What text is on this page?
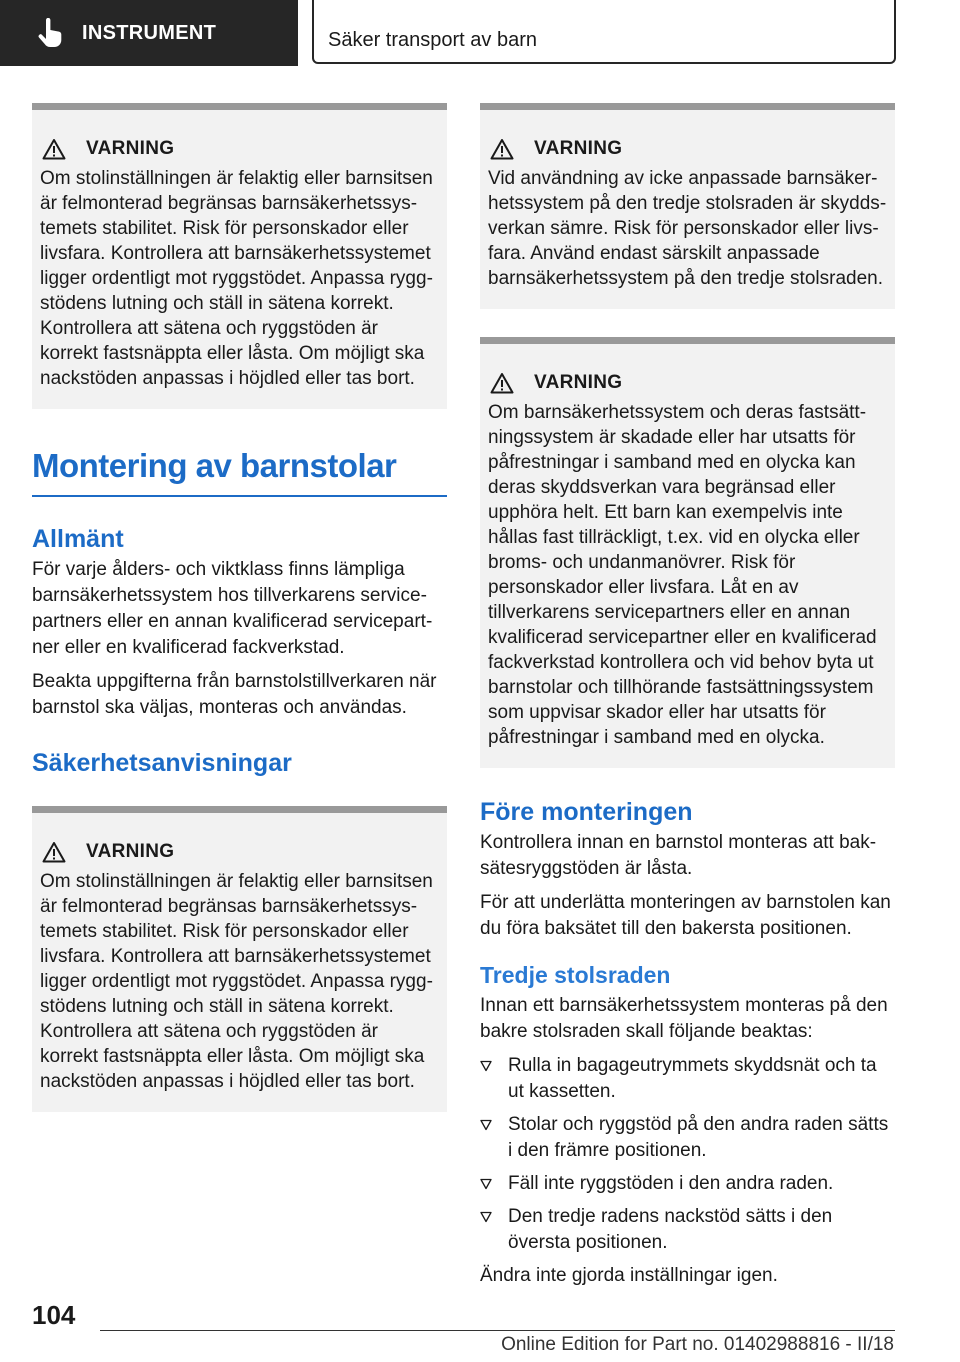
INSTRUMENT	Säker transport av barn
VARNING

Om stolinställningen är felaktig eller barnsitsen är felmonterad begränsas barnsäkerhetssystemets stabilitet. Risk för personskador eller livsfara. Kontrollera att barnsäkerhetssystemet ligger ordentligt mot ryggstödet. Anpassa ryggstödens lutning och ställ in sätena korrekt. Kontrollera att sätena och ryggstöden är korrekt fastsnäppta eller låsta. Om möjligt ska nackstöden anpassas i höjdled eller tas bort.

Montering av barnstolar
Allmänt

För varje ålders- och viktklass finns lämpliga barnsäkerhetssystem hos tillverkarens servicepartners eller en annan kvalificerad servicepartner eller en kvalificerad fackverkstad.

Beakta uppgifterna från barnstolstillverkaren när barnstol ska väljas, monteras och användas.

Säkerhetsanvisningar
VARNING

Om stolinställningen är felaktig eller barnsitsen är felmonterad begränsas barnsäkerhetssystemets stabilitet. Risk för personskador eller livsfara. Kontrollera att barnsäkerhetssystemet ligger ordentligt mot ryggstödet. Anpassa ryggstödens lutning och ställ in sätena korrekt. Kontrollera att sätena och ryggstöden är korrekt fastsnäppta eller låsta. Om möjligt ska nackstöden anpassas i höjdled eller tas bort.

VARNING

Vid användning av icke anpassade barnsäkerhetssystem på den tredje stolsraden är skyddsverkan sämre. Risk för personskador eller livsfara. Använd endast särskilt anpassade barnsäkerhetssystem på den tredje stolsraden.

VARNING

Om barnsäkerhetssystem och deras fastsättningssystem är skadade eller har utsatts för påfrestningar i samband med en olycka kan deras skyddsverkan vara begränsad eller upphöra helt. Ett barn kan exempelvis inte hållas fast tillräckligt, t.ex. vid en olycka eller broms- och undanmanövrer. Risk för personskador eller livsfara. Låt en av tillverkarens servicepartners eller en annan kvalificerad servicepartner eller en kvalificerad fackverkstad kontrollera och vid behov byta ut barnstolar och tillhörande fastsättningssystem som uppvisar skador eller har utsatts för påfrestningar i samband med en olycka.

Före monteringen

Kontrollera innan en barnstol monteras att baksätesryggstöden är låsta.

För att underlätta monteringen av barnstolen kan du föra baksätet till den bakersta positionen.

Tredje stolsraden

Innan ett barnsäkerhetssystem monteras på den bakre stolsraden skall följande beaktas:

Rulla in bagageutrymmets skyddsnät och ta ut kassetten.
Stolar och ryggstöd på den andra raden sätts i den främre positionen.
Fäll inte ryggstöden i den andra raden.
Den tredje radens nackstöd sätts i den översta positionen.

Ändra inte gjorda inställningar igen.

104
Online Edition for Part no. 01402988816 - II/18
